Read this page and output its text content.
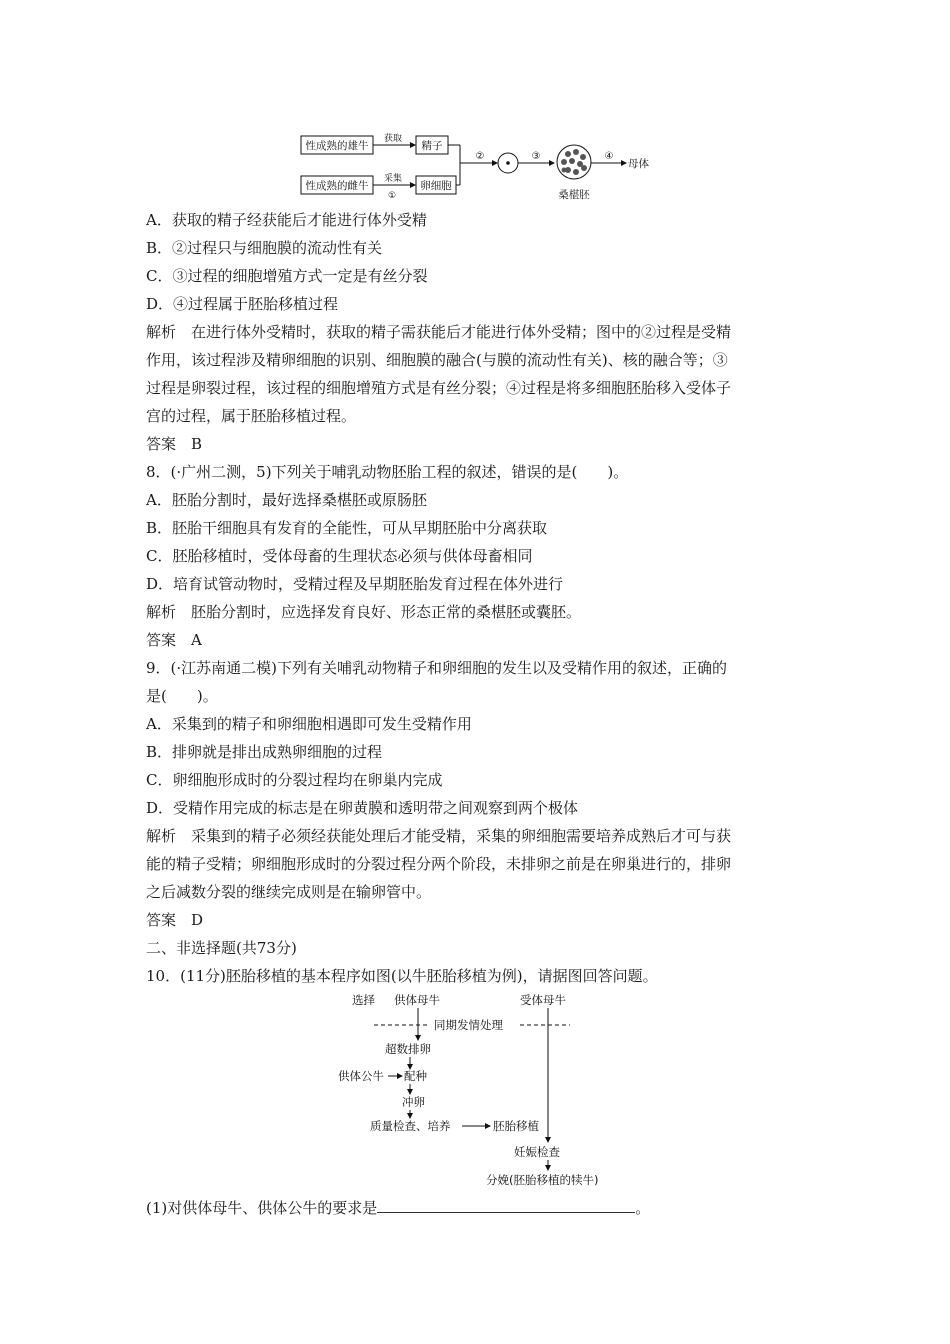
性成熟的雄牛
性成熟的雌牛
获取
采集
①
精子
卵细胞
②	③
桑椹胚
④
母体
A．获取的精子经获能后才能进行体外受精
B．②过程只与细胞膜的流动性有关
C．③过程的细胞增殖方式一定是有丝分裂
D．④过程属于胚胎移植过程
解析　在进行体外受精时，获取的精子需获能后才能进行体外受精；图中的②过程是受精
作用，该过程涉及精卵细胞的识别、细胞膜的融合(与膜的流动性有关)、核的融合等；③
过程是卵裂过程，该过程的细胞增殖方式是有丝分裂；④过程是将多细胞胚胎移入受体子
宫的过程，属于胚胎移植过程。
答案　B
8．(·广州二测，5)下列关于哺乳动物胚胎工程的叙述，错误的是(　　)。
A．胚胎分割时，最好选择桑椹胚或原肠胚
B．胚胎干细胞具有发育的全能性，可从早期胚胎中分离获取
C．胚胎移植时，受体母畜的生理状态必须与供体母畜相同
D．培育试管动物时，受精过程及早期胚胎发育过程在体外进行
解析　胚胎分割时，应选择发育良好、形态正常的桑椹胚或囊胚。
答案　A
9．(·江苏南通二模)下列有关哺乳动物精子和卵细胞的发生以及受精作用的叙述，正确的
是(　　)。
A．采集到的精子和卵细胞相遇即可发生受精作用
B．排卵就是排出成熟卵细胞的过程
C．卵细胞形成时的分裂过程均在卵巢内完成
D．受精作用完成的标志是在卵黄膜和透明带之间观察到两个极体
解析　采集到的精子必须经获能处理后才能受精，采集的卵细胞需要培养成熟后才可与获
能的精子受精；卵细胞形成时的分裂过程分两个阶段，未排卵之前是在卵巢进行的，排卵
之后减数分裂的继续完成则是在输卵管中。
答案　D
二、非选择题(共73分)
10．(11分)胚胎移植的基本程序如图(以牛胚胎移植为例)，请据图回答问题。
选择 供体母牛	受体母牛
同期发情处理
超数排卵
供体公牛 配种
冲卵
质量检查、培养	胚胎移植
妊娠检查
分娩(胚胎移植的犊牛)
(1)对供体母牛、供体公牛的要求是	。
